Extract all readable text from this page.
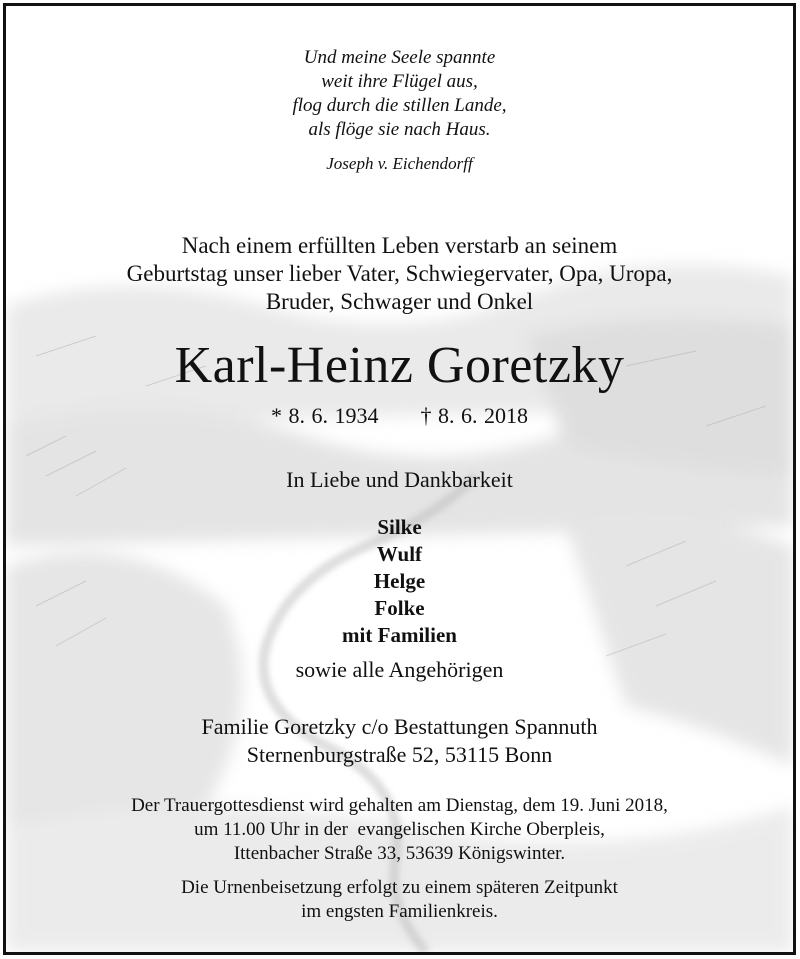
Und meine Seele spannte
weit ihre Flügel aus,
flog durch die stillen Lande,
als flöge sie nach Haus.
Joseph v. Eichendorff
Nach einem erfüllten Leben verstarb an seinem
Geburtstag unser lieber Vater, Schwiegervater, Opa, Uropa,
Bruder, Schwager und Onkel
Karl-Heinz Goretzky
* 8. 6. 1934 † 8. 6. 2018
In Liebe und Dankbarkeit
Silke
Wulf
Helge
Folke
mit Familien
sowie alle Angehörigen
Familie Goretzky c/o Bestattungen Spannuth
Sternenburgstraße 52, 53115 Bonn
Der Trauergottesdienst wird gehalten am Dienstag, dem 19. Juni 2018,
um 11.00 Uhr in der  evangelischen Kirche Oberpleis,
Ittenbacher Straße 33, 53639 Königswinter.
Die Urnenbeisetzung erfolgt zu einem späteren Zeitpunkt
im engsten Familienkreis.
